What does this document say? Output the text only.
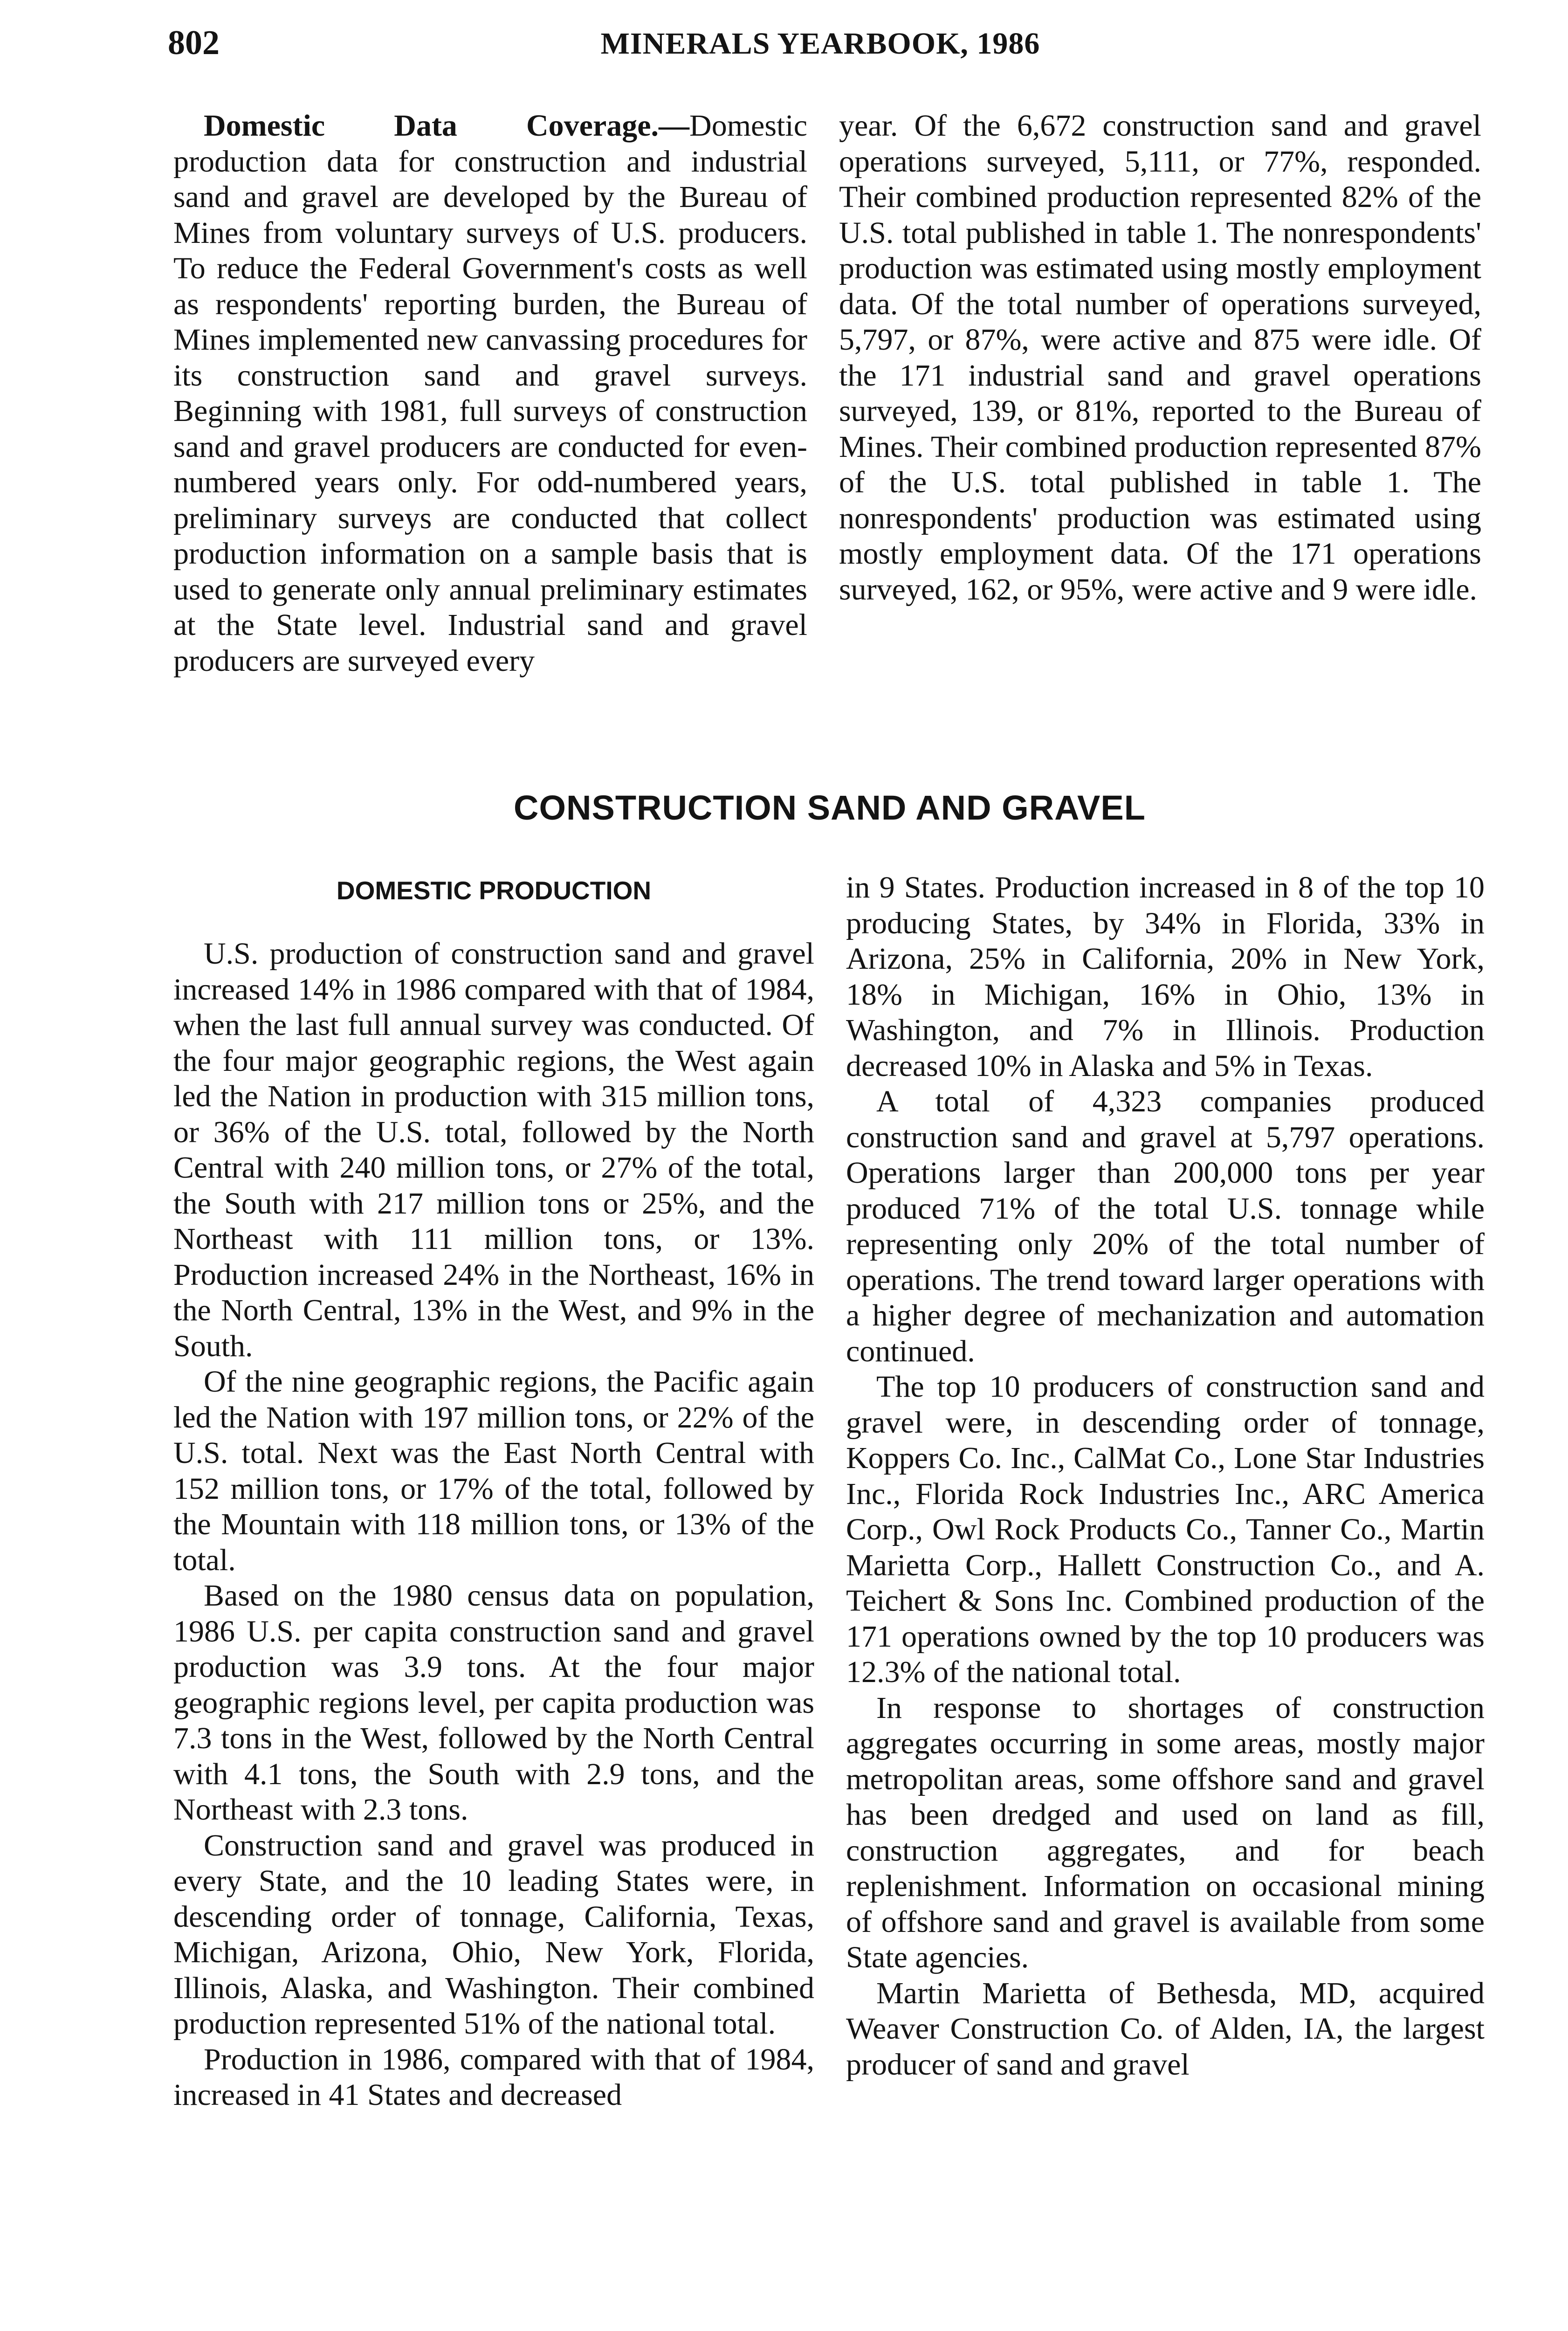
802	MINERALS YEARBOOK, 1986

Domestic Data Coverage.—Domestic production data for construction and industrial sand and gravel are developed by the Bureau of Mines from voluntary surveys of U.S. producers. To reduce the Federal Government's costs as well as respondents' reporting burden, the Bureau of Mines implemented new canvassing procedures for its construction sand and gravel surveys. Beginning with 1981, full surveys of construction sand and gravel producers are conducted for even-numbered years only. For odd-numbered years, preliminary surveys are conducted that collect production information on a sample basis that is used to generate only annual preliminary estimates at the State level. Industrial sand and gravel producers are surveyed every

year. Of the 6,672 construction sand and gravel operations surveyed, 5,111, or 77%, responded. Their combined production represented 82% of the U.S. total published in table 1. The nonrespondents' production was estimated using mostly employment data. Of the total number of operations surveyed, 5,797, or 87%, were active and 875 were idle. Of the 171 industrial sand and gravel operations surveyed, 139, or 81%, reported to the Bureau of Mines. Their combined production represented 87% of the U.S. total published in table 1. The nonrespondents' production was estimated using mostly employment data. Of the 171 operations surveyed, 162, or 95%, were active and 9 were idle.

CONSTRUCTION SAND AND GRAVEL
DOMESTIC PRODUCTION

U.S. production of construction sand and gravel increased 14% in 1986 compared with that of 1984, when the last full annual survey was conducted. Of the four major geographic regions, the West again led the Nation in production with 315 million tons, or 36% of the U.S. total, followed by the North Central with 240 million tons, or 27% of the total, the South with 217 million tons or 25%, and the Northeast with 111 million tons, or 13%. Production increased 24% in the Northeast, 16% in the North Central, 13% in the West, and 9% in the South.

Of the nine geographic regions, the Pacific again led the Nation with 197 million tons, or 22% of the U.S. total. Next was the East North Central with 152 million tons, or 17% of the total, followed by the Mountain with 118 million tons, or 13% of the total.

Based on the 1980 census data on population, 1986 U.S. per capita construction sand and gravel production was 3.9 tons. At the four major geographic regions level, per capita production was 7.3 tons in the West, followed by the North Central with 4.1 tons, the South with 2.9 tons, and the Northeast with 2.3 tons.

Construction sand and gravel was produced in every State, and the 10 leading States were, in descending order of tonnage, California, Texas, Michigan, Arizona, Ohio, New York, Florida, Illinois, Alaska, and Washington. Their combined production represented 51% of the national total.

Production in 1986, compared with that of 1984, increased in 41 States and decreased

in 9 States. Production increased in 8 of the top 10 producing States, by 34% in Florida, 33% in Arizona, 25% in California, 20% in New York, 18% in Michigan, 16% in Ohio, 13% in Washington, and 7% in Illinois. Production decreased 10% in Alaska and 5% in Texas.

A total of 4,323 companies produced construction sand and gravel at 5,797 operations. Operations larger than 200,000 tons per year produced 71% of the total U.S. tonnage while representing only 20% of the total number of operations. The trend toward larger operations with a higher degree of mechanization and automation continued.

The top 10 producers of construction sand and gravel were, in descending order of tonnage, Koppers Co. Inc., CalMat Co., Lone Star Industries Inc., Florida Rock Industries Inc., ARC America Corp., Owl Rock Products Co., Tanner Co., Martin Marietta Corp., Hallett Construction Co., and A. Teichert & Sons Inc. Combined production of the 171 operations owned by the top 10 producers was 12.3% of the national total.

In response to shortages of construction aggregates occurring in some areas, mostly major metropolitan areas, some offshore sand and gravel has been dredged and used on land as fill, construction aggregates, and for beach replenishment. Information on occasional mining of offshore sand and gravel is available from some State agencies.

Martin Marietta of Bethesda, MD, acquired Weaver Construction Co. of Alden, IA, the largest producer of sand and gravel
